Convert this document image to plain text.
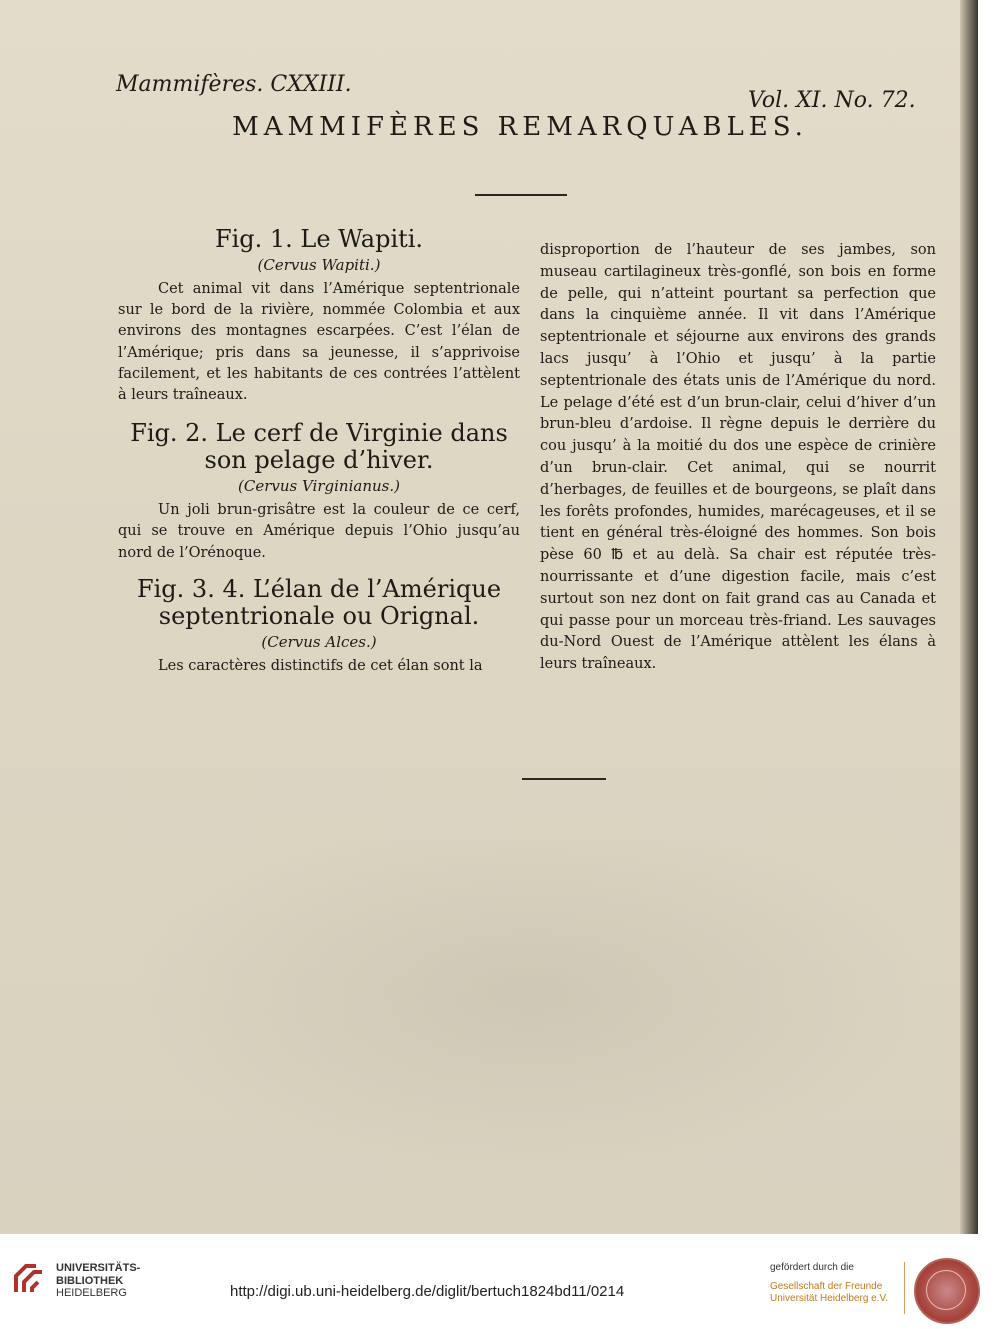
Mammifères. CXXIII.
Vol. XI. No. 72.
MAMMIFÈRES REMARQUABLES.

Fig. 1. Le Wapiti.

(Cervus Wapiti.)

Cet animal vit dans l’Amérique septentrionale sur le bord de la rivière, nommée Colombia et aux environs des montagnes escarpées. C’est l’élan de l’Amérique; pris dans sa jeunesse, il s’apprivoise facilement, et les habitants de ces contrées l’attèlent à leurs traîneaux.

Fig. 2. Le cerf de Virginie dans son pelage d’hiver.

(Cervus Virginianus.)

Un joli brun-grisâtre est la couleur de ce cerf, qui se trouve en Amérique depuis l’Ohio jusqu’au nord de l’Orénoque.

Fig. 3. 4. L’élan de l’Amérique septentrionale ou Orignal.

(Cervus Alces.)

Les caractères distinctifs de cet élan sont la

disproportion de l’hauteur de ses jambes, son museau cartilagineux très-gonflé, son bois en forme de pelle, qui n’atteint pourtant sa perfection que dans la cinquième année. Il vit dans l’Amérique septentrionale et séjourne aux environs des grands lacs jusqu’ à l’Ohio et jusqu’ à la partie septentrionale des états unis de l’Amérique du nord. Le pelage d’été est d’un brun-clair, celui d’hiver d’un brun-bleu d’ardoise. Il règne depuis le derrière du cou jusqu’ à la moitié du dos une espèce de crinière d’un brun-clair. Cet animal, qui se nourrit d’herbages, de feuilles et de bourgeons, se plaît dans les forêts profondes, humides, marécageuses, et il se tient en général très-éloigné des hommes. Son bois pèse 60 ℔ et au delà. Sa chair est réputée très-nourrissante et d’une digestion facile, mais c’est surtout son nez dont on fait grand cas au Canada et qui passe pour un morceau très-friand. Les sauvages du-Nord Ouest de l’Amérique attèlent les élans à leurs traîneaux.

UNIVERSITÄTS-
BIBLIOTHEK
HEIDELBERG	http://digi.ub.uni-heidelberg.de/diglit/bertuch1824bd11/0214
gefördert durch die
Gesellschaft der Freunde
Universität Heidelberg e.V.
